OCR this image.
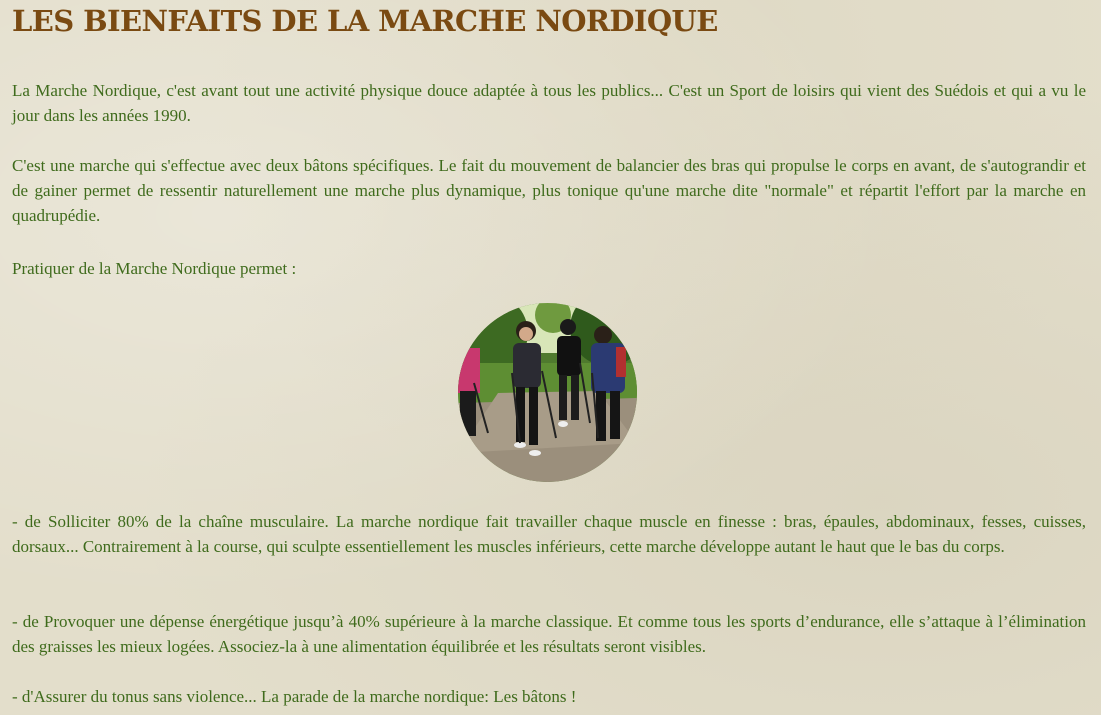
LES BIENFAITS DE LA MARCHE NORDIQUE

La Marche Nordique, c'est avant tout une activité physique douce adaptée à tous les publics... C'est un Sport de loisirs qui vient des Suédois et qui a vu le jour dans les années 1990.

C'est une marche qui s'effectue avec deux bâtons spécifiques. Le fait du mouvement de balancier des bras qui propulse le corps en avant, de s'autograndir et de gainer permet de ressentir naturellement une marche plus dynamique, plus tonique qu'une marche dite "normale" et répartit l'effort par la marche en quadrupédie.

Pratiquer de la Marche Nordique permet :

- de Solliciter 80% de la chaîne musculaire. La marche nordique fait travailler chaque muscle en finesse : bras, épaules, abdominaux, fesses, cuisses, dorsaux... Contrairement à la course, qui sculpte essentiellement les muscles inférieurs, cette marche développe autant le haut que le bas du corps.

- de Provoquer une dépense énergétique jusqu’à 40% supérieure à la marche classique. Et comme tous les sports d’endurance, elle s’attaque à l’élimination des graisses les mieux logées. Associez-la à une alimentation équilibrée et les résultats seront visibles.

- d'Assurer du tonus sans violence... La parade de la marche nordique: Les bâtons !
